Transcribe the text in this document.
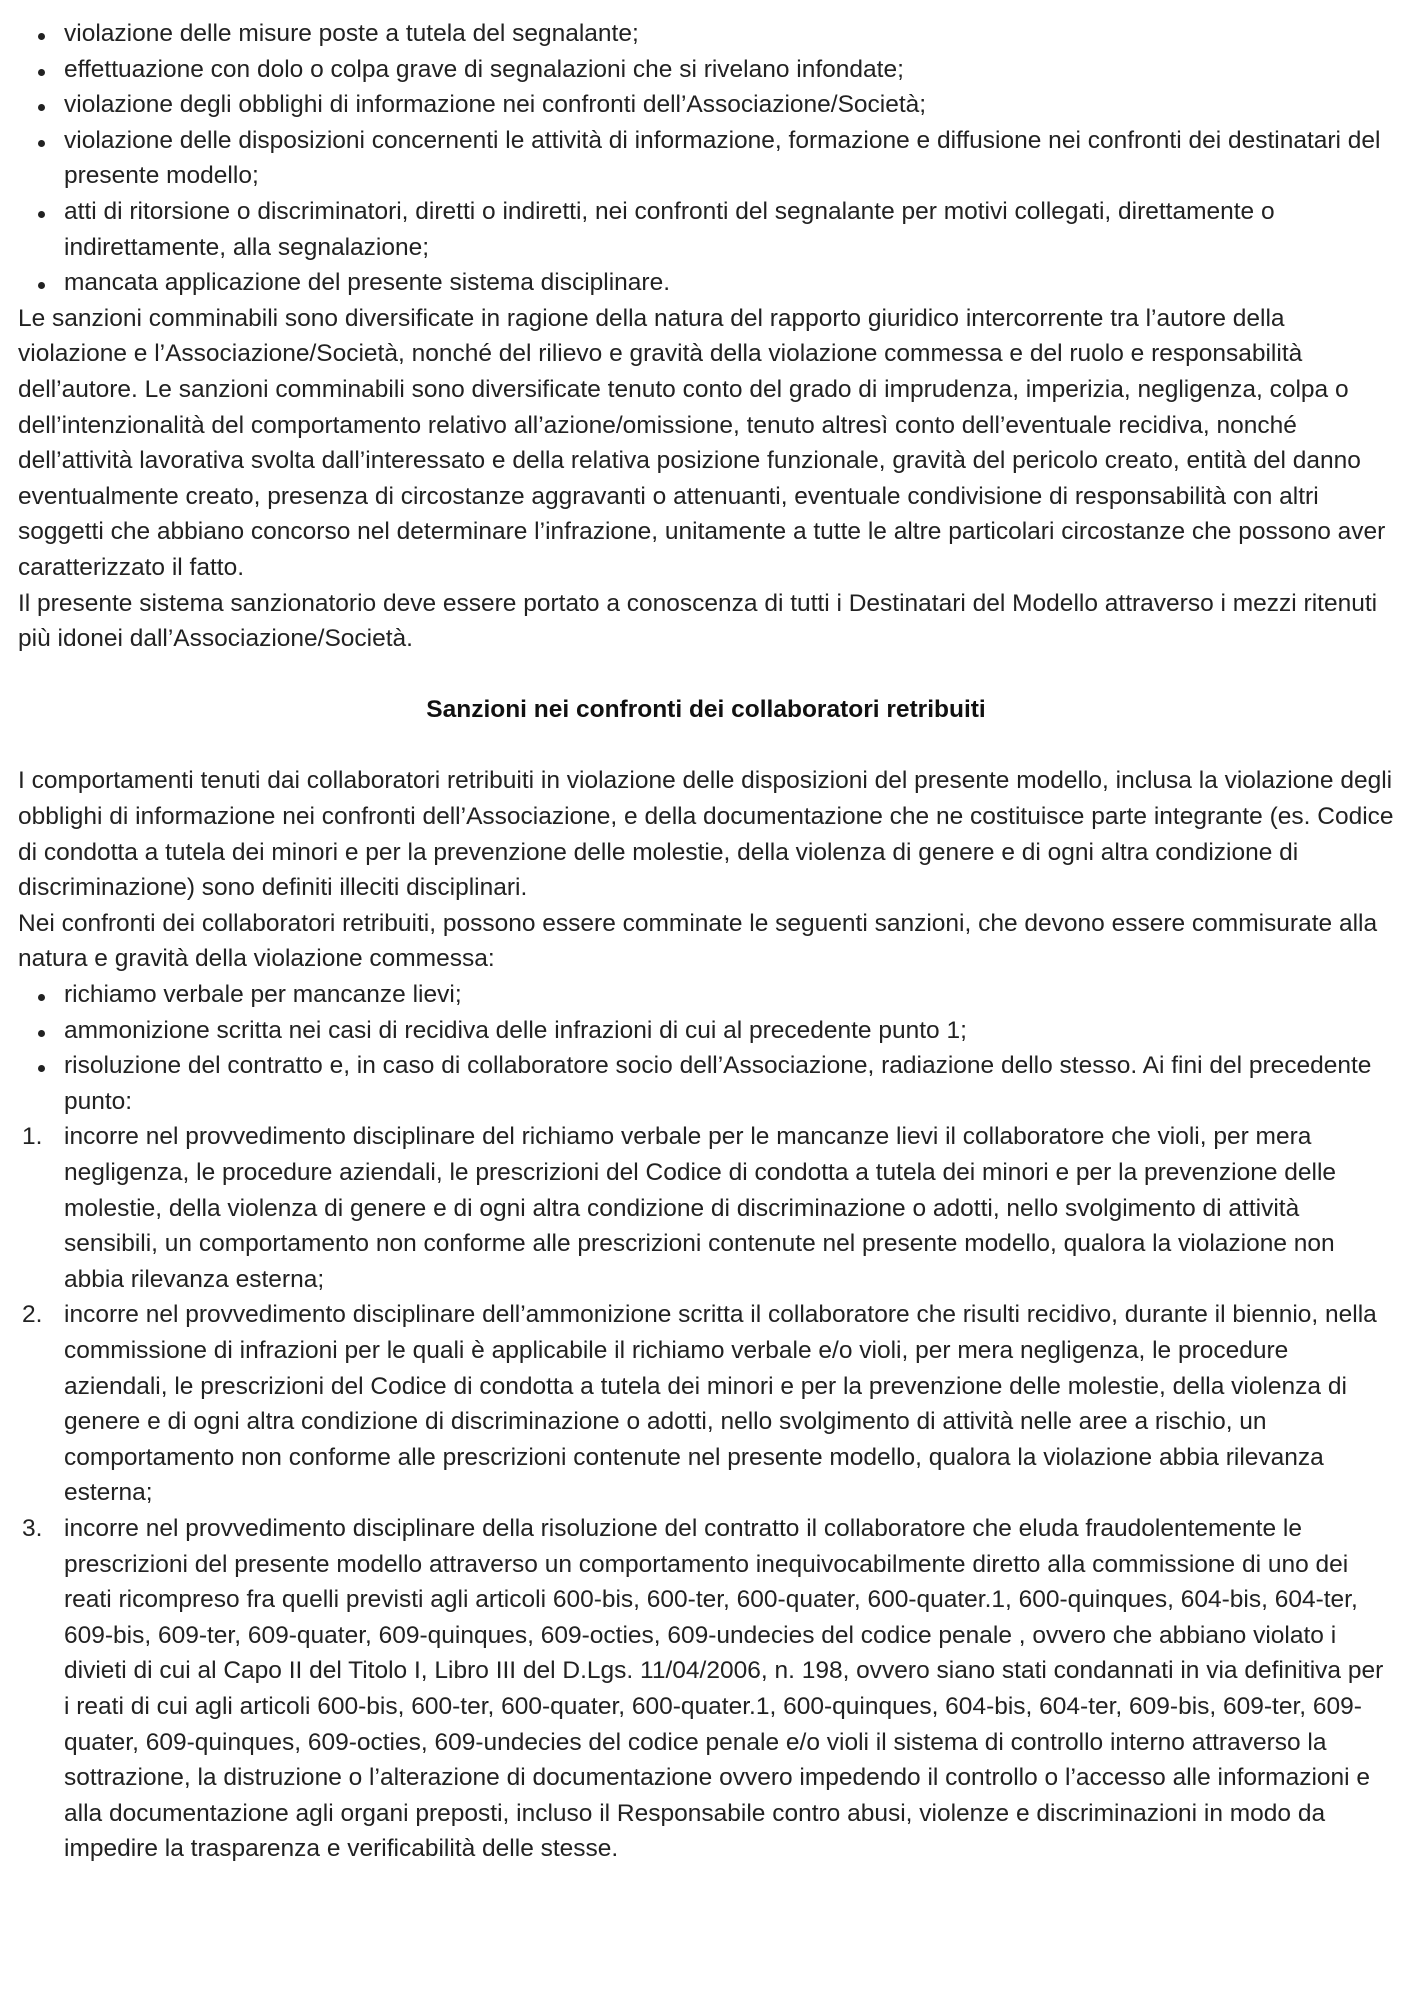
violazione delle misure poste a tutela del segnalante;
effettuazione con dolo o colpa grave di segnalazioni che si rivelano infondate;
violazione degli obblighi di informazione nei confronti dell’Associazione/Società;
violazione delle disposizioni concernenti le attività di informazione, formazione e diffusione nei confronti dei destinatari del presente modello;
atti di ritorsione o discriminatori, diretti o indiretti, nei confronti del segnalante per motivi collegati, direttamente o indirettamente, alla segnalazione;
mancata applicazione del presente sistema disciplinare.

Le sanzioni comminabili sono diversificate in ragione della natura del rapporto giuridico intercorrente tra l’autore della violazione e l’Associazione/Società, nonché del rilievo e gravità della violazione commessa e del ruolo e responsabilità dell’autore. Le sanzioni comminabili sono diversificate tenuto conto del grado di imprudenza, imperizia, negligenza, colpa o dell’intenzionalità del comportamento relativo all’azione/omissione, tenuto altresì conto dell’eventuale recidiva, nonché dell’attività lavorativa svolta dall’interessato e della relativa posizione funzionale, gravità del pericolo creato, entità del danno eventualmente creato, presenza di circostanze aggravanti o attenuanti, eventuale condivisione di responsabilità con altri soggetti che abbiano concorso nel determinare l’infrazione, unitamente a tutte le altre particolari circostanze che possono aver caratterizzato il fatto.

Il presente sistema sanzionatorio deve essere portato a conoscenza di tutti i Destinatari del Modello attraverso i mezzi ritenuti più idonei dall’Associazione/Società.

Sanzioni nei confronti dei collaboratori retribuiti

I comportamenti tenuti dai collaboratori retribuiti in violazione delle disposizioni del presente modello, inclusa la violazione degli obblighi di informazione nei confronti dell’Associazione, e della documentazione che ne costituisce parte integrante (es. Codice di condotta a tutela dei minori e per la prevenzione delle molestie, della violenza di genere e di ogni altra condizione di discriminazione) sono definiti illeciti disciplinari.

Nei confronti dei collaboratori retribuiti, possono essere comminate le seguenti sanzioni, che devono essere commisurate alla natura e gravità della violazione commessa:

richiamo verbale per mancanze lievi;
ammonizione scritta nei casi di recidiva delle infrazioni di cui al precedente punto 1;
risoluzione del contratto e, in caso di collaboratore socio dell’Associazione, radiazione dello stesso. Ai fini del precedente punto:
1. incorre nel provvedimento disciplinare del richiamo verbale per le mancanze lievi il collaboratore che violi, per mera negligenza, le procedure aziendali, le prescrizioni del Codice di condotta a tutela dei minori e per la prevenzione delle molestie, della violenza di genere e di ogni altra condizione di discriminazione o adotti, nello svolgimento di attività sensibili, un comportamento non conforme alle prescrizioni contenute nel presente modello, qualora la violazione non abbia rilevanza esterna;
2. incorre nel provvedimento disciplinare dell’ammonizione scritta il collaboratore che risulti recidivo, durante il biennio, nella commissione di infrazioni per le quali è applicabile il richiamo verbale e/o violi, per mera negligenza, le procedure aziendali, le prescrizioni del Codice di condotta a tutela dei minori e per la prevenzione delle molestie, della violenza di genere e di ogni altra condizione di discriminazione o adotti, nello svolgimento di attività nelle aree a rischio, un comportamento non conforme alle prescrizioni contenute nel presente modello, qualora la violazione abbia rilevanza esterna;
3. incorre nel provvedimento disciplinare della risoluzione del contratto il collaboratore che eluda fraudolentemente le prescrizioni del presente modello attraverso un comportamento inequivocabilmente diretto alla commissione di uno dei reati ricompreso fra quelli previsti agli articoli 600-bis, 600-ter, 600-quater, 600-quater.1, 600-quinques, 604-bis, 604-ter, 609-bis, 609-ter, 609-quater, 609-quinques, 609-octies, 609-undecies del codice penale , ovvero che abbiano violato i divieti di cui al Capo II del Titolo I, Libro III del D.Lgs. 11/04/2006, n. 198, ovvero siano stati condannati in via definitiva per i reati di cui agli articoli 600-bis, 600-ter, 600-quater, 600-quater.1, 600-quinques, 604-bis, 604-ter, 609-bis, 609-ter, 609-quater, 609-quinques, 609-octies, 609-undecies del codice penale e/o violi il sistema di controllo interno attraverso la sottrazione, la distruzione o l’alterazione di documentazione ovvero impedendo il controllo o l’accesso alle informazioni e alla documentazione agli organi preposti, incluso il Responsabile contro abusi, violenze e discriminazioni in modo da impedire la trasparenza e verificabilità delle stesse.
